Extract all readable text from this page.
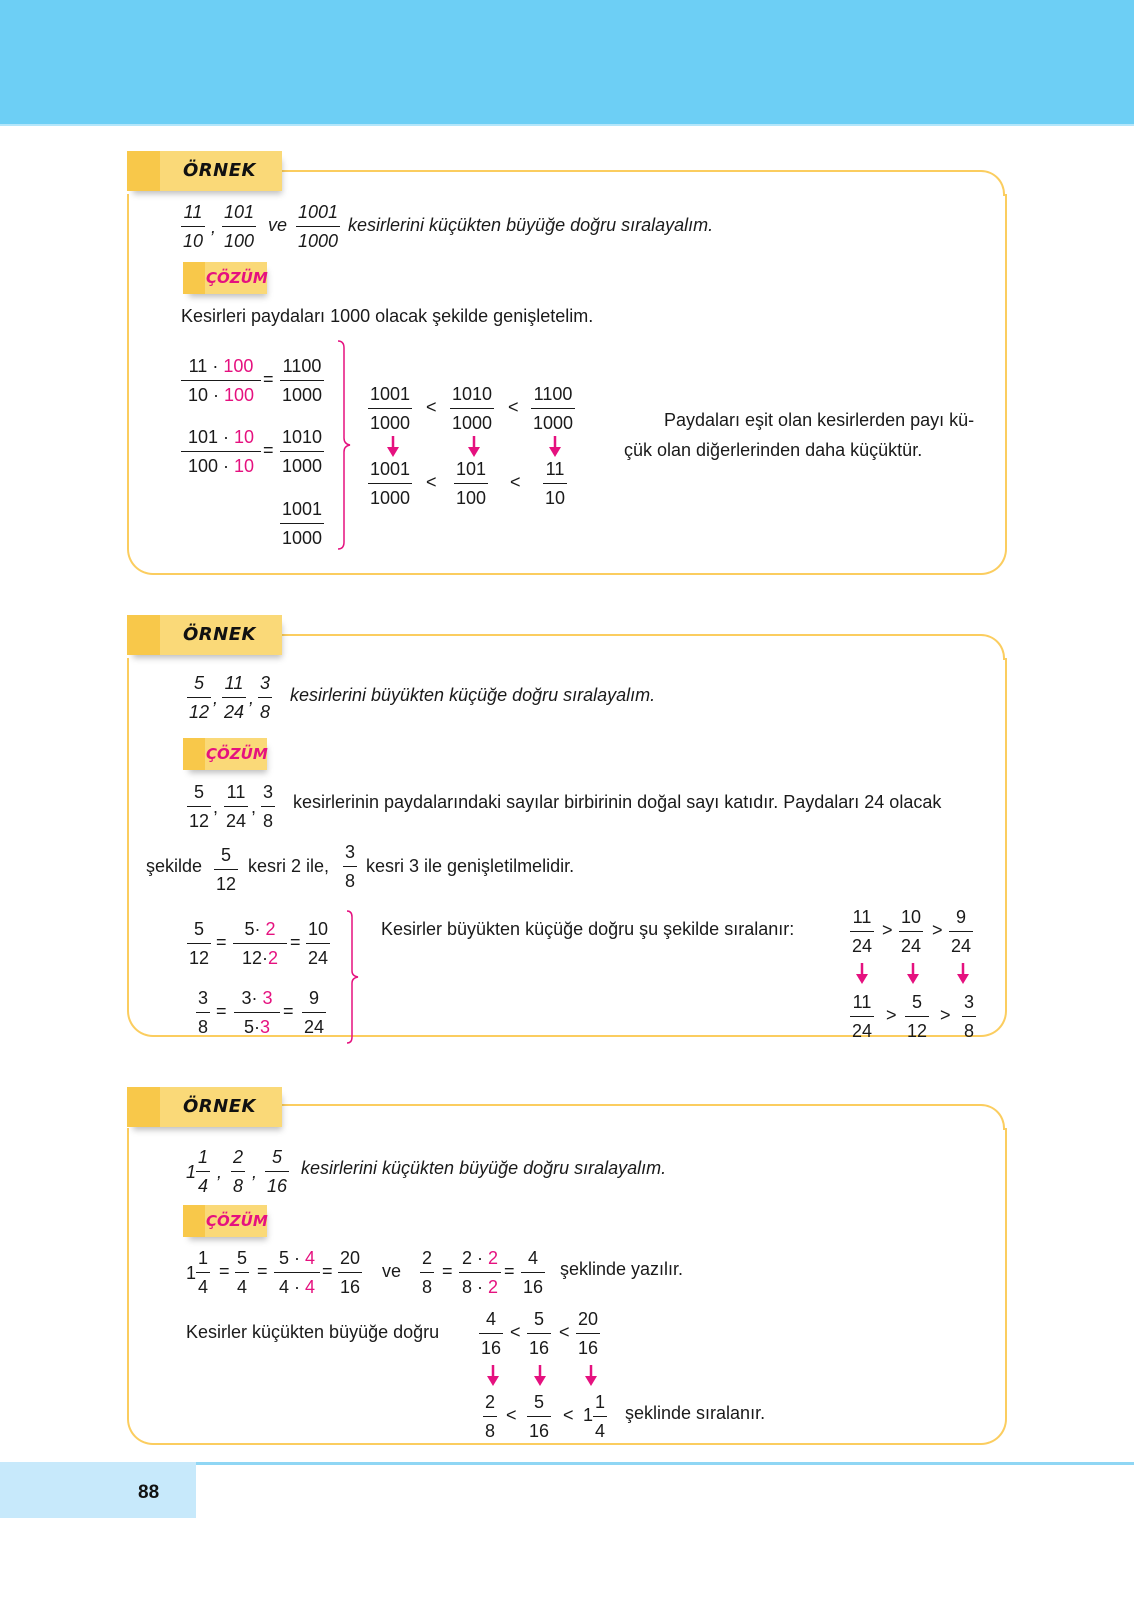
ÖRNEK
$\frac{11}{10}$ , $\frac{101}{100}$ ve $\frac{1001}{1000}$ kesirlerini küçükten büyüğe doğru sıralayalım.
ÇÖZÜM
Kesirleri paydaları 1000 olacak şekilde genişletelim.
$\frac{11 \cdot 100}{10 \cdot 100} = \frac{1100}{1000}$
$\frac{101 \cdot 10}{100 \cdot 10} = \frac{1010}{1000}$
$\frac{1001}{1000}$
$\frac{1001}{1000} < \frac{1010}{1000} < \frac{1100}{1000}$
$\frac{1001}{1000} < \frac{101}{100} < \frac{11}{10}$
Paydaları eşit olan kesirlerden payı kü-
çük olan diğerlerinden daha küçüktür.
ÖRNEK
$\frac{5}{12}$ , $\frac{11}{24}$ , $\frac{3}{8}$ kesirlerini büyükten küçüğe doğru sıralayalım.
ÇÖZÜM
$\frac{5}{12}$ , $\frac{11}{24}$ , $\frac{3}{8}$ kesirlerinin paydalarındaki sayılar birbirinin doğal sayı katıdır. Paydaları 24 olacak
şekilde $\frac{5}{12}$ kesri 2 ile, $\frac{3}{8}$ kesri 3 ile genişletilmelidir.
$\frac{5}{12} = \frac{5\cdot 2}{12\cdot 2} = \frac{10}{24}$
$\frac{3}{8} = \frac{3\cdot 3}{5\cdot 3} = \frac{9}{24}$
Kesirler büyükten küçüğe doğru şu şekilde sıralanır:	$\frac{11}{24} > \frac{10}{24} > \frac{9}{24}$
$\frac{11}{24} > \frac{5}{12} > \frac{3}{8}$
ÖRNEK
$1 \frac{1}{4}$ , $\frac{2}{8}$ , $\frac{5}{16}$ kesirlerini küçükten büyüğe doğru sıralayalım.
ÇÖZÜM
$1 \frac{1}{4} = \frac{5}{4} = \frac{5 \cdot 4}{4 \cdot 4} = \frac{20}{16}$ ve $\frac{2}{8} = \frac{2 \cdot 2}{8 \cdot 2} = \frac{4}{16}$ şeklinde yazılır.
Kesirler küçükten büyüğe doğru $\frac{4}{16} < \frac{5}{16} < \frac{20}{16}$
$\frac{2}{8} < \frac{5}{16} < 1 \frac{1}{4}$ şeklinde sıralanır.
88
